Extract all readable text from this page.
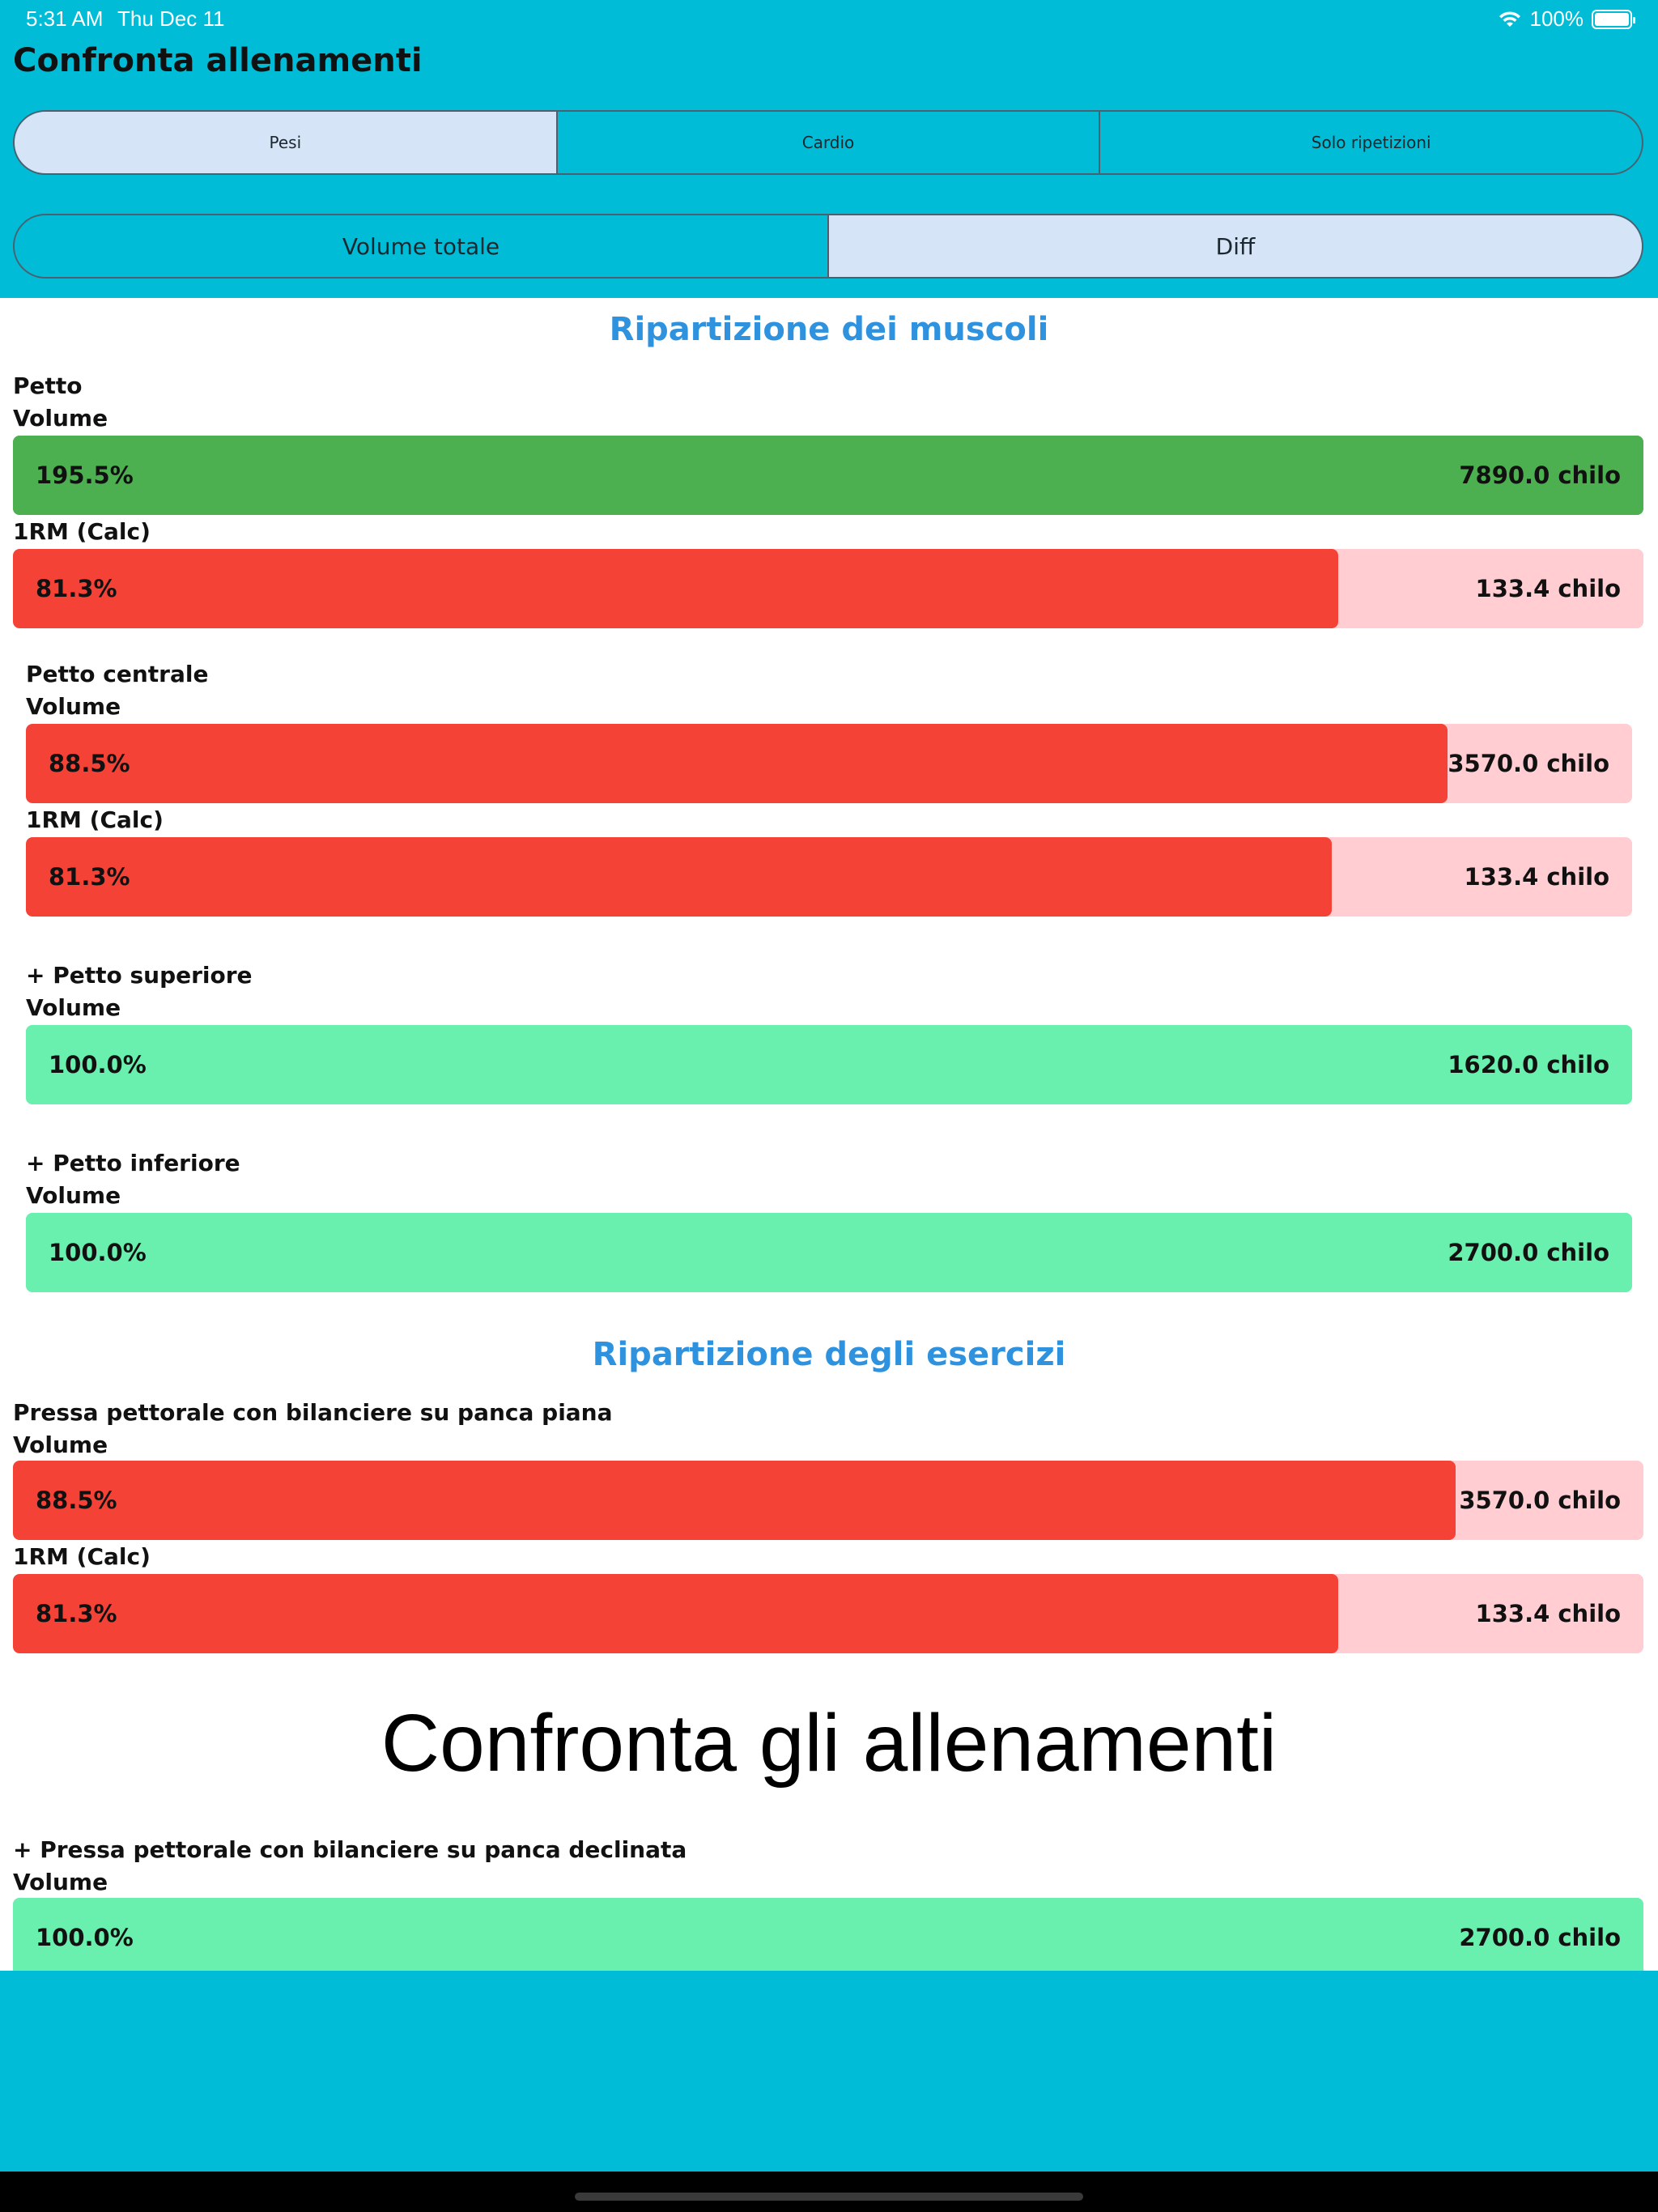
5:31 AM Thu Dec 11	100%
Confronta allenamenti
Pesi	Cardio	Solo ripetizioni
Volume totale	Diff
Ripartizione dei muscoli
Petto
Volume
195.5%	7890.0 chilo
1RM (Calc)
81.3%	133.4 chilo
Petto centrale
Volume
88.5%	3570.0 chilo
1RM (Calc)
81.3%	133.4 chilo
+ Petto superiore
Volume
100.0%	1620.0 chilo
+ Petto inferiore
Volume
100.0%	2700.0 chilo
Ripartizione degli esercizi
Pressa pettorale con bilanciere su panca piana
Volume
88.5%	3570.0 chilo
1RM (Calc)
81.3%	133.4 chilo
Confronta gli allenamenti
+ Pressa pettorale con bilanciere su panca declinata
Volume
100.0%	2700.0 chilo
